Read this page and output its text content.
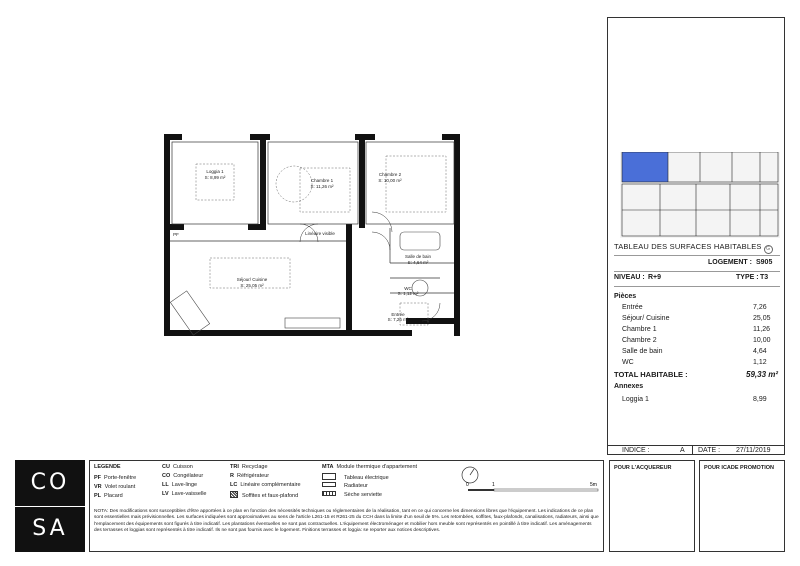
Loggia 1
S: 8,99 m²
Chambre 1
S: 11,26 m²
Chambre 2
S: 10,00 m²
Séjour/ Cuisine
S: 25,05 m²
Salle de bain
S: 4,64 m²
WC
S: 1,12 m²
Entrée
S: 7,26 m²
PF	Linéaire visible
TABLEAU DES SURFACES HABITABLES G
LOGEMENT : S905
NIVEAU : R+9	TYPE : T3
Pièces
Entrée	7,26
Séjour/ Cuisine	25,05
Chambre 1	11,26
Chambre 2	10,00
Salle de bain	4,64
WC	1,12
TOTAL HABITABLE :	59,33 m²
Annexes
Loggia 1	8,99
INDICE :	A DATE : 27/11/2019
CO
SA
LEGENDE
PF Porte-fenêtre
VR Volet roulant
PL Placard
CU Cuisson
CO Congélateur
LL Lave-linge
LV Lave-vaisselle
TRI Recyclage
R Réfrigérateur
LC Linéaire complémentaire
Soffites et faux-plafond
MTA Module thermique d'appartement
Tableau électrique
Radiateur
Sèche serviette
0	1	5m
NOTA: Des modifications sont susceptibles d'être apportées à ce plan en fonction des nécessités techniques ou réglementaires de la réalisation, tant en ce qui concerne les dimensions libres que l'équipement. Les indications de ce plan sont essentielles mais prévisionnelles. Les surfaces indiquées sont approximatives au sens de l'article L261-15 et R261-25 du CCH dans la limite d'un seuil de 5%. Les retombées, soffites, faux-plafonds, canalisations, radiateurs, ainsi que l'emplacement des équipements sont figurés à titre indicatif. Les plantations éventuelles ne sont pas contractuelles. L'équipement électroménager et mobilier hors meuble sont représentés en pointillé à titre indicatif. Les aménagements des terrasses et loggias sont représentés à titre indicatif. Ils ne sont pas fournis avec le logement. Finitions terrasses et loggia: se reporter aux notices descriptives.
POUR L'ACQUEREUR	POUR ICADE PROMOTION
